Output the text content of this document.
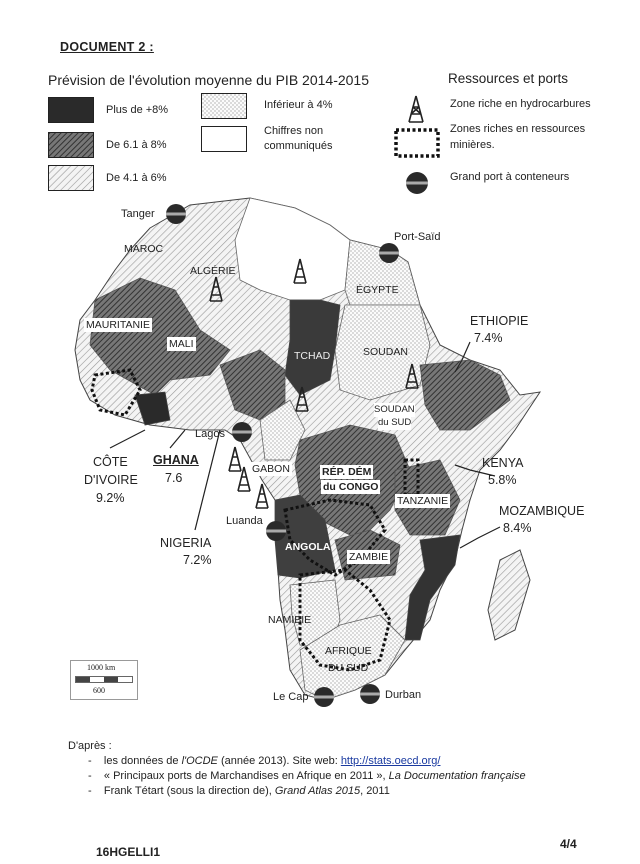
DOCUMENT 2 :
Prévision de l'évolution moyenne du PIB 2014-2015	Ressources et ports
Plus de +8%
De 6.1 à 8%
De 4.1 à 6%
Inférieur à 4%
Chiffres non
communiqués
Zone riche en hydrocarbures
Zones riches en ressources
minières.
Grand port à conteneurs
Tanger
Port-Saïd
Lagos
Luanda
Le Cap	Durban
MAROC
ALGÉRIE
ÉGYPTE
MAURITANIE
MALI
TCHAD	SOUDAN
SOUDAN
du SUD
GABON	RÉP. DÉM
du CONGO
TANZANIE
ANGOLA
ZAMBIE
NAMIBIE
AFRIQUE
DU SUD
ETHIOPIE
7.4%
KENYA
5.8%
MOZAMBIQUE
8.4%
CÔTE
D'IVOIRE
9.2%
GHANA
7.6
NIGERIA
7.2%
1000 km
600
D'après :
-    les données de l'OCDE (année 2013). Site web: http://stats.oecd.org/
-    « Principaux ports de Marchandises en Afrique en 2011 », La Documentation française
-    Frank Tétart (sous la direction de), Grand Atlas 2015, 2011
16HGELLI1
4/4
